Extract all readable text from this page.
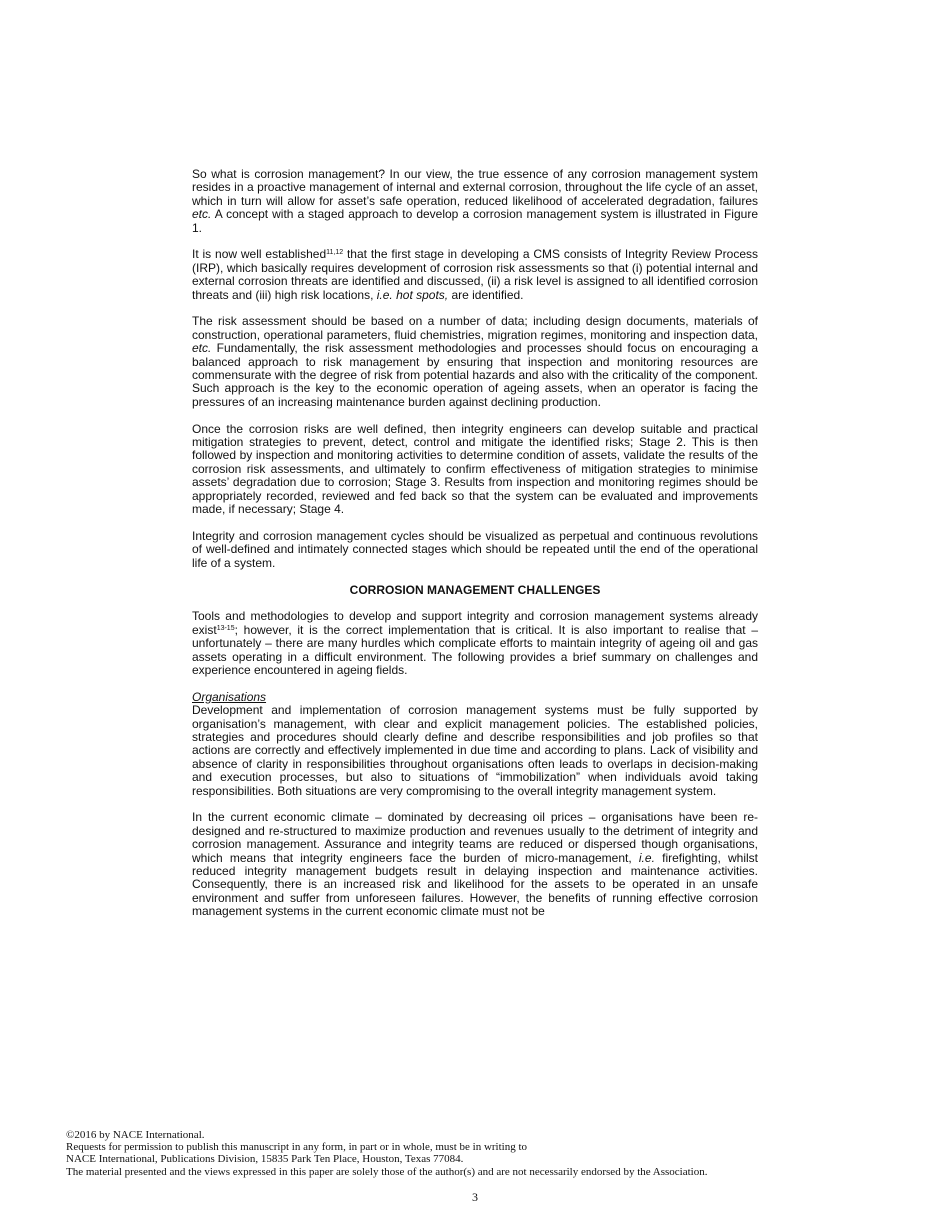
So what is corrosion management? In our view, the true essence of any corrosion management system resides in a proactive management of internal and external corrosion, throughout the life cycle of an asset, which in turn will allow for asset’s safe operation, reduced likelihood of accelerated degradation, failures etc. A concept with a staged approach to develop a corrosion management system is illustrated in Figure 1.

It is now well established$^{11,12}$ that the first stage in developing a CMS consists of Integrity Review Process (IRP), which basically requires development of corrosion risk assessments so that (i) potential internal and external corrosion threats are identified and discussed, (ii) a risk level is assigned to all identified corrosion threats and (iii) high risk locations, i.e. hot spots, are identified.

The risk assessment should be based on a number of data; including design documents, materials of construction, operational parameters, fluid chemistries, migration regimes, monitoring and inspection data, etc. Fundamentally, the risk assessment methodologies and processes should focus on encouraging a balanced approach to risk management by ensuring that inspection and monitoring resources are commensurate with the degree of risk from potential hazards and also with the criticality of the component. Such approach is the key to the economic operation of ageing assets, when an operator is facing the pressures of an increasing maintenance burden against declining production.

Once the corrosion risks are well defined, then integrity engineers can develop suitable and practical mitigation strategies to prevent, detect, control and mitigate the identified risks; Stage 2. This is then followed by inspection and monitoring activities to determine condition of assets, validate the results of the corrosion risk assessments, and ultimately to confirm effectiveness of mitigation strategies to minimise assets’ degradation due to corrosion; Stage 3. Results from inspection and monitoring regimes should be appropriately recorded, reviewed and fed back so that the system can be evaluated and improvements made, if necessary; Stage 4.

Integrity and corrosion management cycles should be visualized as perpetual and continuous revolutions of well-defined and intimately connected stages which should be repeated until the end of the operational life of a system.

CORROSION MANAGEMENT CHALLENGES

Tools and methodologies to develop and support integrity and corrosion management systems already exist$^{13-15}$; however, it is the correct implementation that is critical. It is also important to realise that – unfortunately – there are many hurdles which complicate efforts to maintain integrity of ageing oil and gas assets operating in a difficult environment. The following provides a brief summary on challenges and experience encountered in ageing fields.

Organisations
Development and implementation of corrosion management systems must be fully supported by organisation’s management, with clear and explicit management policies. The established policies, strategies and procedures should clearly define and describe responsibilities and job profiles so that actions are correctly and effectively implemented in due time and according to plans. Lack of visibility and absence of clarity in responsibilities throughout organisations often leads to overlaps in decision-making and execution processes, but also to situations of “immobilization” when individuals avoid taking responsibilities. Both situations are very compromising to the overall integrity management system.

In the current economic climate – dominated by decreasing oil prices – organisations have been re-designed and re-structured to maximize production and revenues usually to the detriment of integrity and corrosion management. Assurance and integrity teams are reduced or dispersed though organisations, which means that integrity engineers face the burden of micro-management, i.e. firefighting, whilst reduced integrity management budgets result in delaying inspection and maintenance activities. Consequently, there is an increased risk and likelihood for the assets to be operated in an unsafe environment and suffer from unforeseen failures. However, the benefits of running effective corrosion management systems in the current economic climate must not be

©2016 by NACE International.
Requests for permission to publish this manuscript in any form, in part or in whole, must be in writing to
NACE International, Publications Division, 15835 Park Ten Place, Houston, Texas 77084.
The material presented and the views expressed in this paper are solely those of the author(s) and are not necessarily endorsed by the Association.
3
